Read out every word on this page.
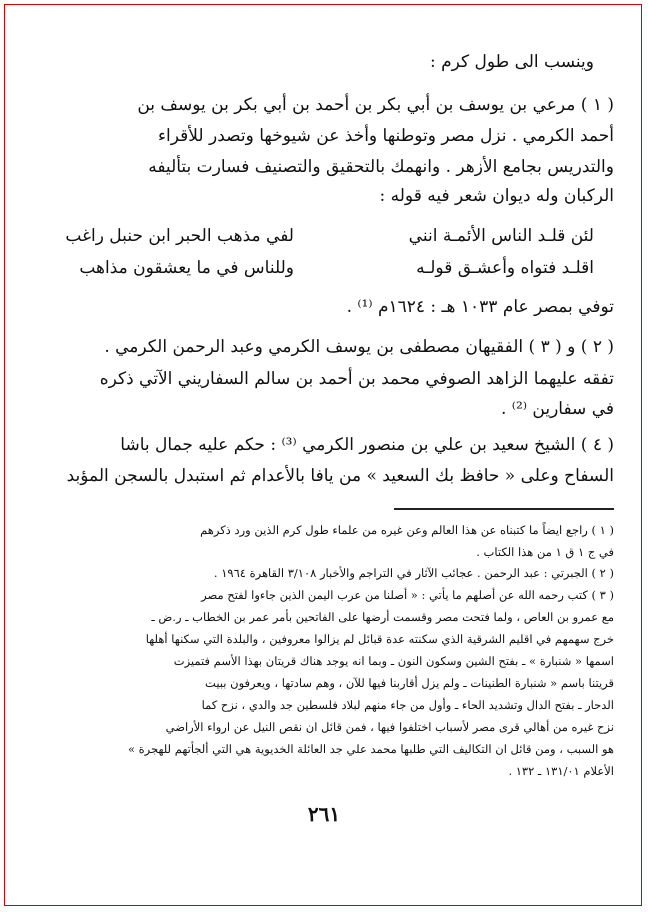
وينسب الى طول كرم :
( ١ ) مرعي بن يوسف بن أبي بكر بن أحمد بن أبي بكر بن يوسف بن
أحمد الكرمي . نزل مصر وتوطنها وأخذ عن شيوخها وتصدر للأقراء
والتدريس بجامع الأزهر . وانهمك بالتحقيق والتصنيف فسارت بتأليفه
الركبان وله ديوان شعر فيه قوله :
لئن قلـد الناس الأئمـة انني
لفي مذهب الحبر ابن حنبل راغب
اقلـد فتواه وأعشـق قولـه
وللناس في ما يعشقون مذاهب
توفي بمصر عام ١٠٣٣ هـ : ١٦٢٤م ⁽¹⁾ .
( ٢ ) و ( ٣ ) الفقيهان مصطفى بن يوسف الكرمي وعبد الرحمن الكرمي .
تفقه عليهما الزاهد الصوفي محمد بن أحمد بن سالم السفاريني الآتي ذكره
في سفارين ⁽²⁾ .
( ٤ ) الشيخ سعيد بن علي بن منصور الكرمي ⁽³⁾ : حكم عليه جمال باشا
السفاح وعلى « حافظ بك السعيد » من يافا بالأعدام ثم استبدل بالسجن المؤبد
( ١ ) راجع ايضاً ما كتبناه عن هذا العالم وعن غيره من علماء طول كرم الذين ورد ذكرهم
في ج ١ ق ١ من هذا الكتاب .
( ٢ ) الجبرتي : عبد الرحمن . عجائب الآثار في التراجم والأخبار ٣/١٠٨ القاهرة ١٩٦٤ .
( ٣ ) كتب رحمه الله عن أصلهم ما يأتي : « أصلنا من عرب اليمن الذين جاءوا لفتح مصر
مع عمرو بن العاص ، ولما فتحت مصر وقسمت أرضها على الفاتحين بأمر عمر بن الخطاب ـ ر.ض ـ
خرج سهمهم في اقليم الشرقية الذي سكنته عدة قبائل لم يزالوا معروفين ، والبلدة التي سكنها أهلها
اسمها « شنبارة » ـ بفتح الشين وسكون النون ـ وبما انه يوجد هناك قريتان بهذا الأسم فتميزت
قريتنا باسم « شنبارة الطنينات ـ ولم يزل أقاربنا فيها للآن ، وهم سادتها ، ويعرفون ببيت
الدحار ـ بفتح الدال وتشديد الحاء ـ وأول من جاء منهم لبلاد فلسطين جد والدي ، نزح كما
نزح غيره من أهالي قرى مصر لأسباب اختلفوا فيها ، فمن قائل ان نقص النيل عن ارواء الأراضي
هو السبب ، ومن قائل ان التكاليف التي طلبها محمد علي جد العائلة الخديوية هي التي ألجأتهم للهجرة »
الأعلام ١٣١/٠١ ـ ١٣٢ .
٢٦١
